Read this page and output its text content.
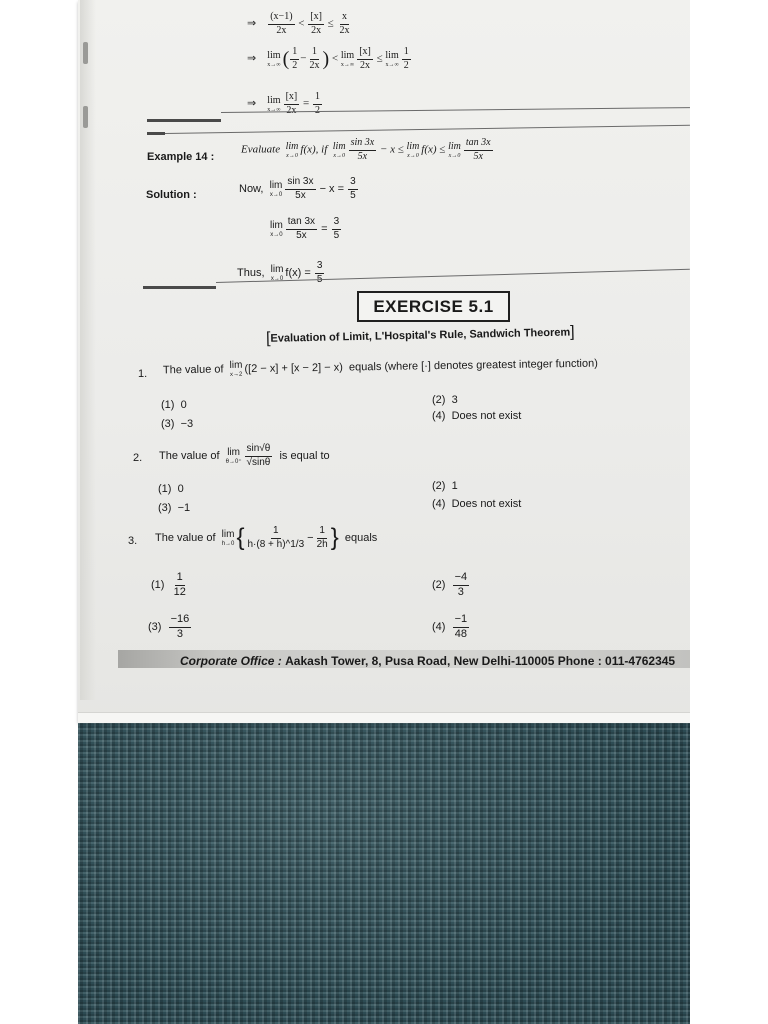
⇒ $\frac{(x-1)}{2x} < \frac{[x]}{2x} \le \frac{x}{2x}$
⇒ lim
x→∞ ( $\frac{1}{2} - \frac{1}{2x}$ ) < lim
$x\to\infty \frac{[x]}{2x} \le \lim$
$x\to\infty \frac{1}{2}$
⇒ lim
$x\to\infty \frac{[x]}{2x}$ =
1
Example 14 :
Evaluate lim
x→0 f(x), if lim
$x\to 0 \frac{\sin 3x}{5x} - x \le \lim$
x→0 f(x) ≤ lim
$x\to 0 \frac{\tan 3x}{5x}$
Solution :
Now, lim
$x\to 0 \frac{\sin 3x}{5x} - x = \frac{3}{5}$
lim
$x\to 0 \frac{\tan 3x}{5x} = \frac{3}{5}$
Thus, lim
x→0 f(x) =
3
EXERCISE 5.1
[Evaluation of Limit, L'Hospital's Rule, Sandwich Theorem]
1. The value of lim
x→2 ([2 − x] + [x − 2] − x) equals (where [·] denotes greatest integer function)
(1) 0	(2) 3
(3) −3
(4) Does not exist
2. The value of lim
$\theta\to 0^+ \frac{\sin√\theta}{√\sin\theta}$ is equal to
(1) 0	(2) 1
(3) −1	(4) Does not exist
3. The value of lim
h→0 { $\frac{1}{h\cdot(8 + h)\^{}1/3} - \frac{1}{2h}$ } equals
$(1) \frac{1}{12}$	$(2) \frac{-4}{3}$
$(3) \frac{-16}{3}$	$(4) \frac{-1}{48}$
Corporate Office : Aakash Tower, 8, Pusa Road, New Delhi-110005 Phone : 011-4762345
